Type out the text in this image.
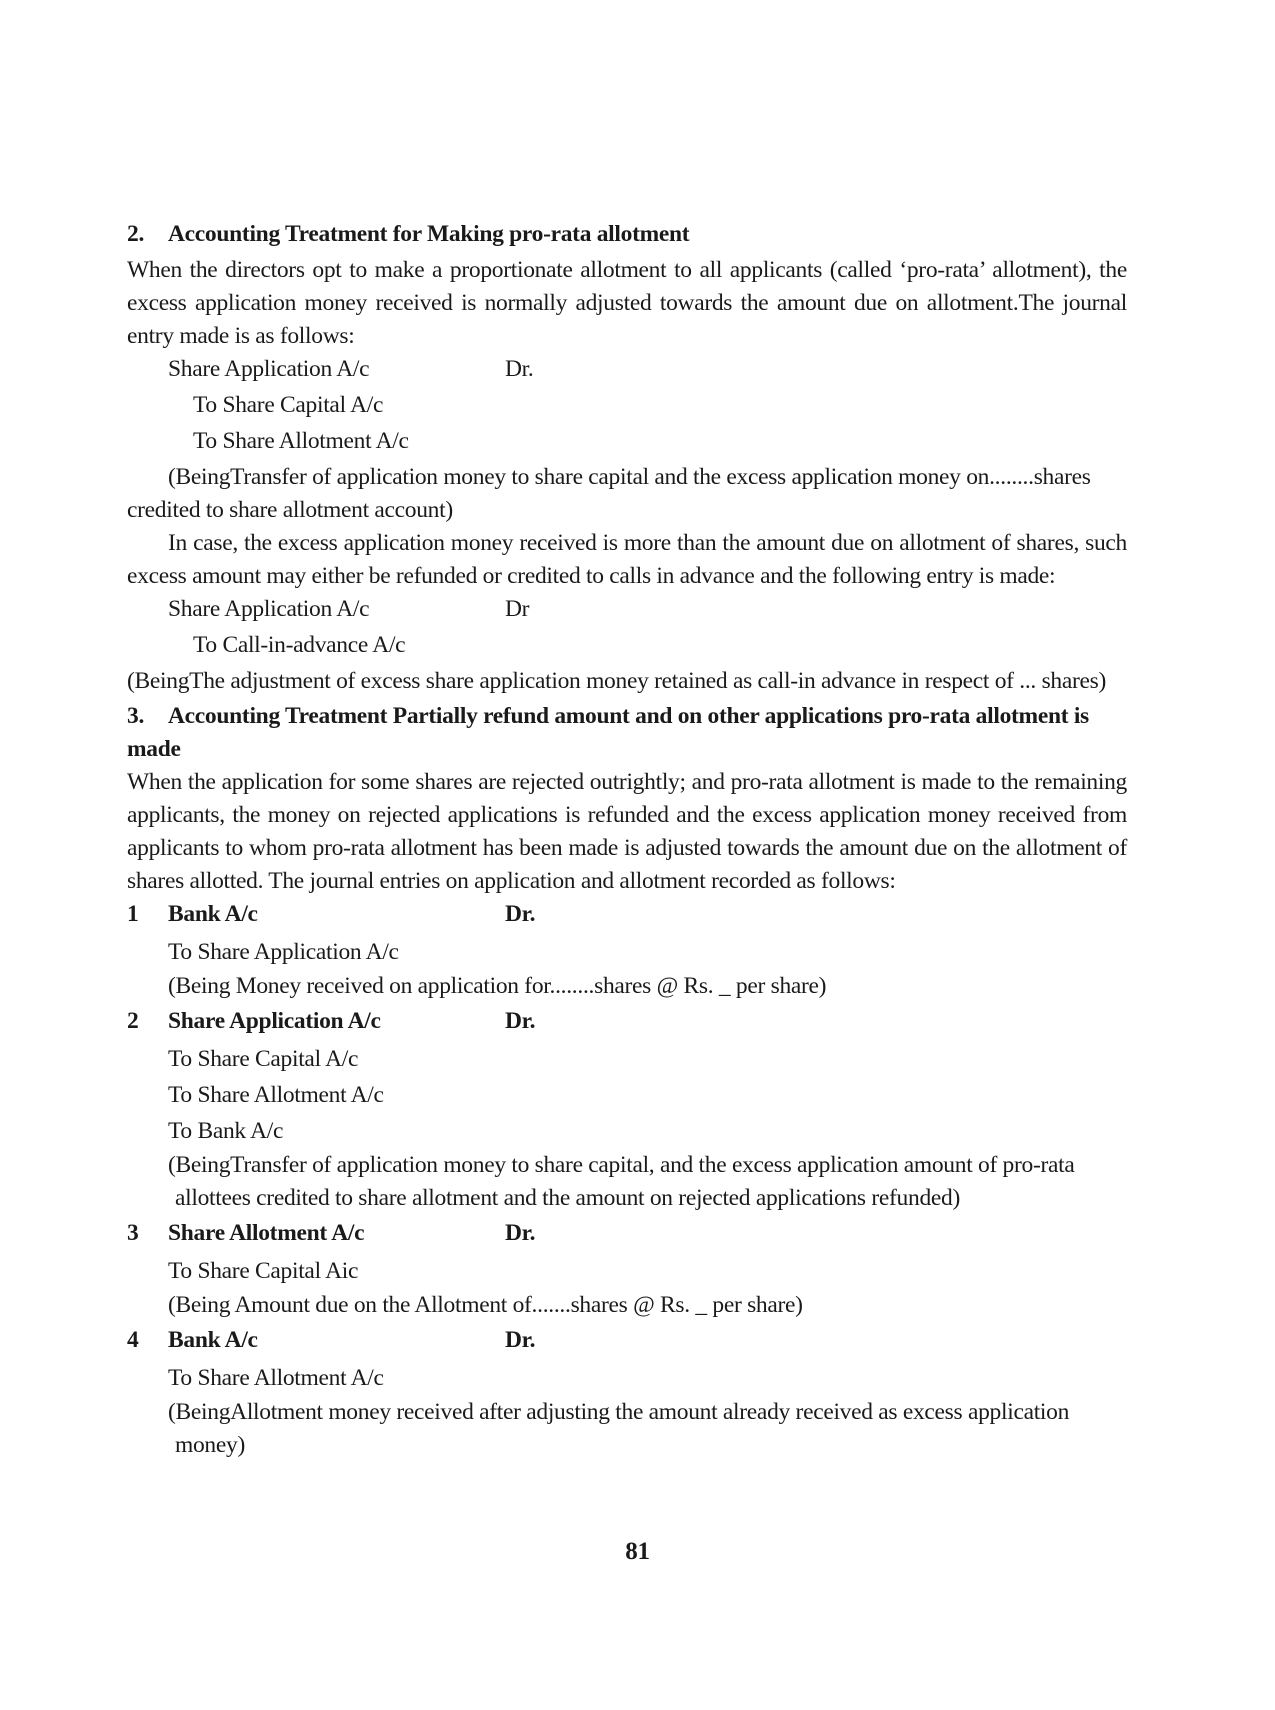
2. Accounting Treatment for Making pro-rata allotment

When the directors opt to make a proportionate allotment to all applicants (called ‘pro-rata’ allotment), the excess application money received is normally adjusted towards the amount due on allotment.The journal entry made is as follows:

Share Application A/c	Dr.
To Share Capital A/c
To Share Allotment A/c
(BeingTransfer of application money to share capital and the excess application money on........shares
credited to share allotment account)

In case, the excess application money received is more than the amount due on allotment of shares, such excess amount may either be refunded or credited to calls in advance and the following entry is made:

Share Application A/c	Dr
To Call-in-advance A/c
(BeingThe adjustment of excess share application money retained as call-in advance in respect of ... shares)
3. Accounting Treatment Partially refund amount and on other applications pro-rata allotment is made

When the application for some shares are rejected outrightly; and pro-rata allotment is made to the remaining applicants, the money on rejected applications is refunded and the excess application money received from applicants to whom pro-rata allotment has been made is adjusted towards the amount due on the allotment of shares allotted. The journal entries on application and allotment recorded as follows:

1 Bank A/c	Dr.
To Share Application A/c
(Being Money received on application for........shares @ Rs. _ per share)
2 Share Application A/c	Dr.
To Share Capital A/c
To Share Allotment A/c
To Bank A/c
(BeingTransfer of application money to share capital, and the excess application amount of pro-rata
allottees credited to share allotment and the amount on rejected applications refunded)
3 Share Allotment A/c	Dr.
To Share Capital Aic
(Being Amount due on the Allotment of.......shares @ Rs. _ per share)
4 Bank A/c	Dr.
To Share Allotment A/c
(BeingAllotment money received after adjusting the amount already received as excess application
money)
81
